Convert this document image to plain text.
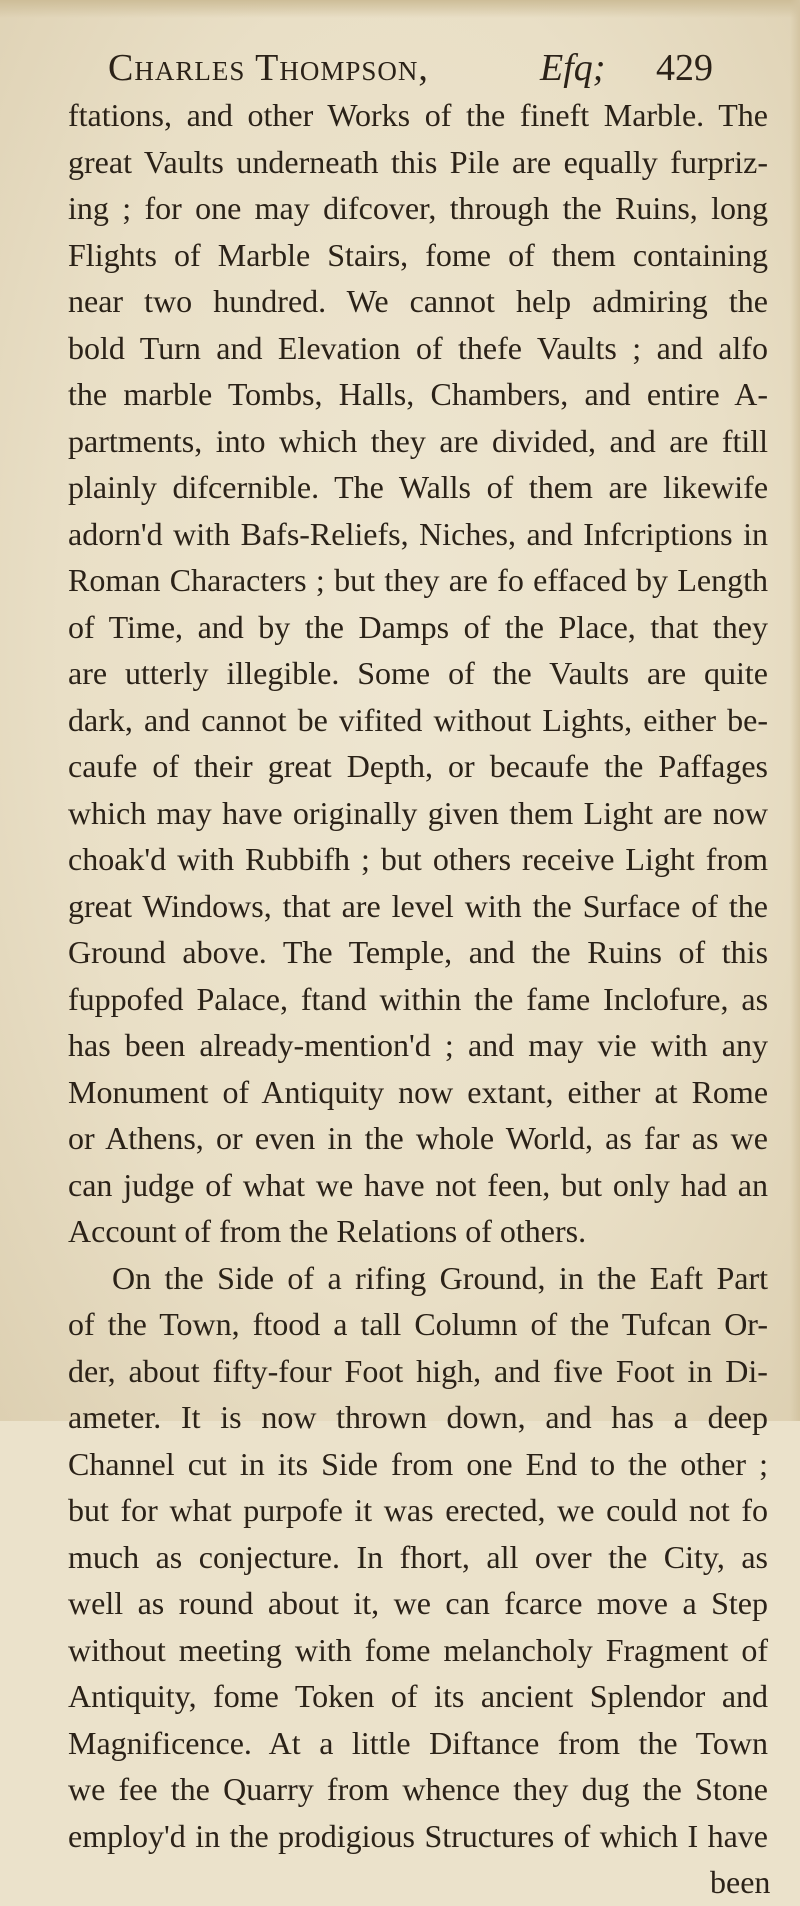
Charles Thompson,	Efq; 429
ftations, and other Works of the fineft Marble. The
great Vaults underneath this Pile are equally furpriz-
ing ; for one may difcover, through the Ruins, long
Flights of Marble Stairs, fome of them containing
near two hundred. We cannot help admiring the
bold Turn and Elevation of thefe Vaults ; and alfo
the marble Tombs, Halls, Chambers, and entire A-
partments, into which they are divided, and are ftill
plainly difcernible. The Walls of them are likewife
adorn'd with Bafs-Reliefs, Niches, and Infcriptions in
Roman Characters ; but they are fo effaced by Length
of Time, and by the Damps of the Place, that they
are utterly illegible. Some of the Vaults are quite
dark, and cannot be vifited without Lights, either be-
caufe of their great Depth, or becaufe the Paffages
which may have originally given them Light are now
choak'd with Rubbifh ; but others receive Light from
great Windows, that are level with the Surface of the
Ground above. The Temple, and the Ruins of this
fuppofed Palace, ftand within the fame Inclofure, as
has been already-mention'd ; and may vie with any
Monument of Antiquity now extant, either at Rome
or Athens, or even in the whole World, as far as we
can judge of what we have not feen, but only had an
Account of from the Relations of others.
On the Side of a rifing Ground, in the Eaft Part
of the Town, ftood a tall Column of the Tufcan Or-
der, about fifty-four Foot high, and five Foot in Di-
ameter. It is now thrown down, and has a deep
Channel cut in its Side from one End to the other ;
but for what purpofe it was erected, we could not fo
much as conjecture. In fhort, all over the City, as
well as round about it, we can fcarce move a Step
without meeting with fome melancholy Fragment of
Antiquity, fome Token of its ancient Splendor and
Magnificence. At a little Diftance from the Town
we fee the Quarry from whence they dug the Stone
employ'd in the prodigious Structures of which I have
been
